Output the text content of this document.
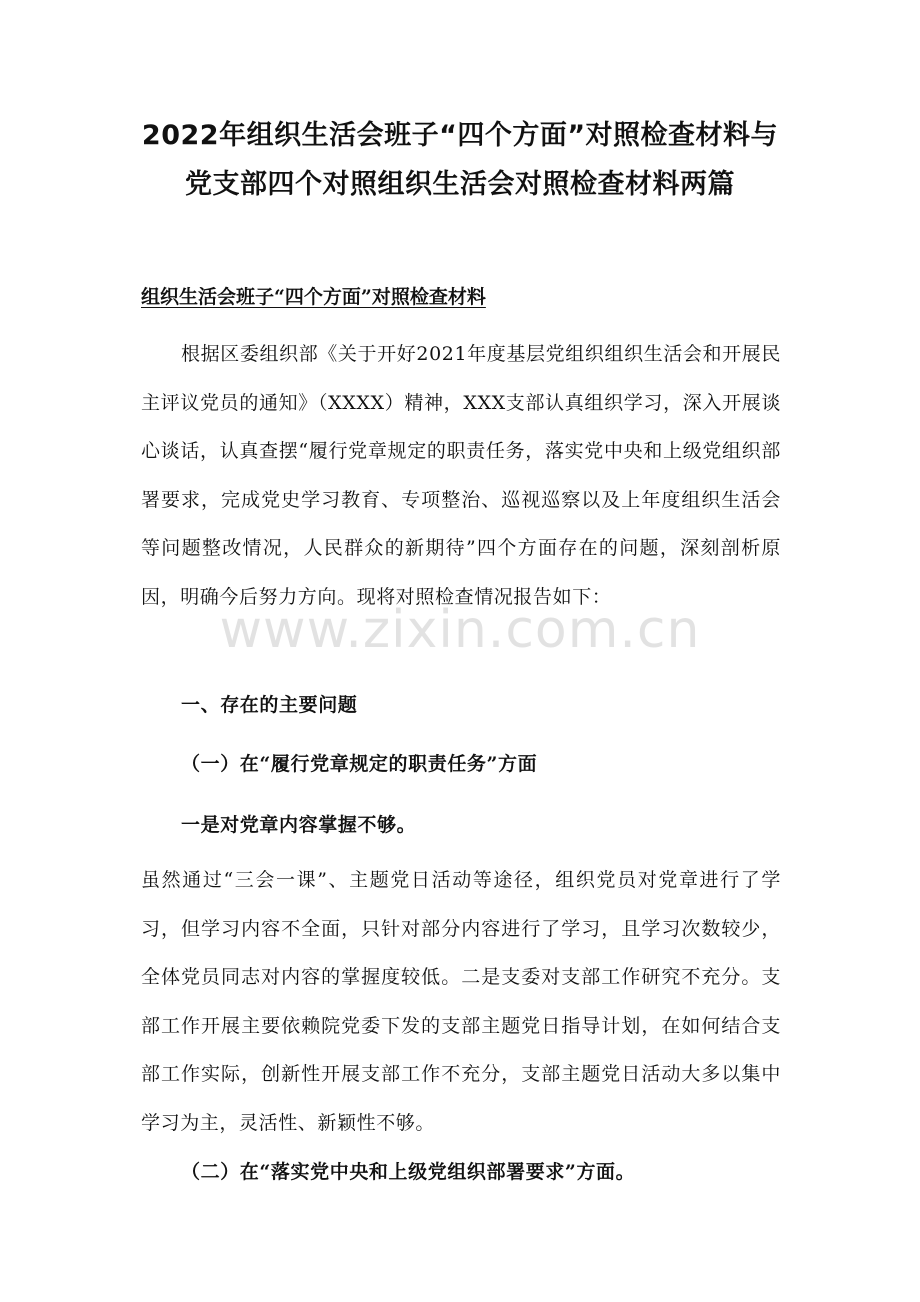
2022年组织生活会班子“四个方面”对照检查材料与
党支部四个对照组织生活会对照检查材料两篇
组织生活会班子“四个方面”对照检查材料

根据区委组织部《关于开好2021年度基层党组织组织生活会和开展民主评议党员的通知》（XXXX）精神，XXX支部认真组织学习，深入开展谈心谈话，认真查摆“履行党章规定的职责任务，落实党中央和上级党组织部署要求，完成党史学习教育、专项整治、巡视巡察以及上年度组织生活会等问题整改情况，人民群众的新期待”四个方面存在的问题，深刻剖析原因，明确今后努力方向。现将对照检查情况报告如下：

一、存在的主要问题
（一）在“履行党章规定的职责任务”方面
一是对党章内容掌握不够。

虽然通过“三会一课”、主题党日活动等途径，组织党员对党章进行了学习，但学习内容不全面，只针对部分内容进行了学习，且学习次数较少，全体党员同志对内容的掌握度较低。二是支委对支部工作研究不充分。支部工作开展主要依赖院党委下发的支部主题党日指导计划，在如何结合支部工作实际，创新性开展支部工作不充分，支部主题党日活动大多以集中学习为主，灵活性、新颖性不够。

（二）在“落实党中央和上级党组织部署要求”方面。
www.zixin.com.cn
